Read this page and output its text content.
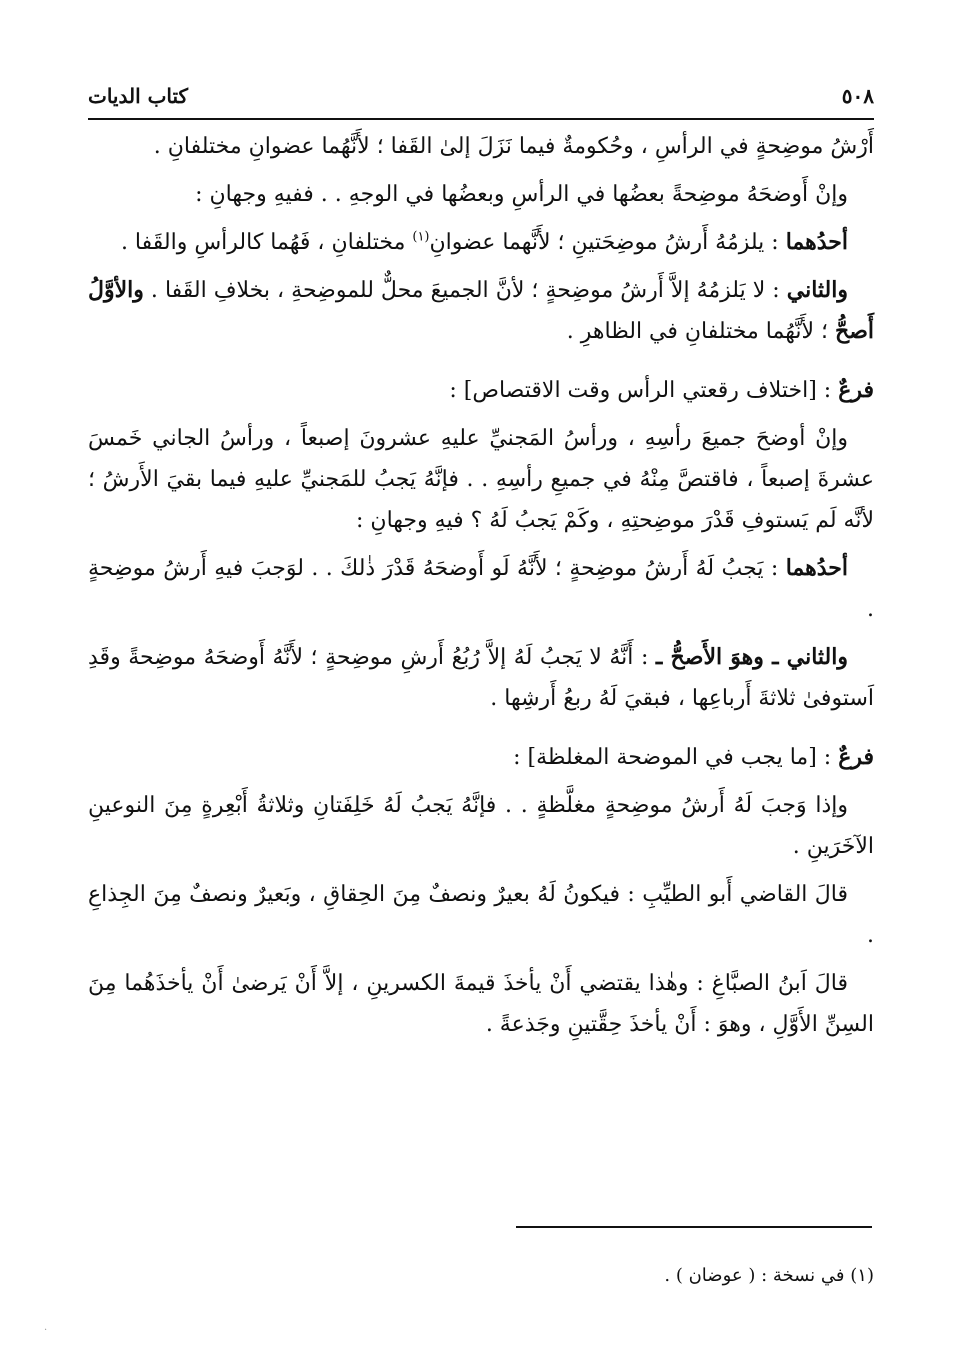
٥٠٨
كتاب الديات

أَرْشُ موضِحةٍ في الرأسِ ، وحُكومةٌ فيما نَزَلَ إلىٰ القَفا ؛ لأَنَّهُما عضوانِ مختلفانِ .

وإنْ أَوضحَهُ موضِحةً بعضُها في الرأسِ وبعضُها في الوجهِ . . ففيهِ وجهانِ :

أحدُهما : يلزمُهُ أَرشُ موضِحَتينِ ؛ لأَنَّهما عضوانِ$^{(١)}$ مختلفانِ ، فَهُما كالرأسِ والقَفا .

والثاني : لا يَلزمُهُ إلاَّ أَرشُ موضِحةٍ ؛ لأنَّ الجميعَ محلٌّ للموضِحةِ ، بخلافِ القَفا . والأوَّلُ أَصحُّ ؛ لأَنَّهُما مختلفانِ في الظاهرِ .

فرعٌ : [اختلاف رقعتي الرأس وقت الاقتصاص] :

وإنْ أوضحَ جميعَ رأسِهِ ، ورأسُ المَجنيِّ عليهِ عشرونَ إصبعاً ، ورأسُ الجاني خَمسَ عشرةَ إصبعاً ، فاقتصَّ مِنْهُ في جميعِ رأسِهِ . . فإنَّهُ يَجبُ للمَجنيِّ عليهِ فيما بقيَ الأَرشُ ؛ لأنَّه لَم يَستوفِ قَدْرَ موضِحتِهِ ، وكَمْ يَجبُ لَهُ ؟ فيهِ وجهانِ :

أحدُهما : يَجبُ لَهُ أَرشُ موضِحةٍ ؛ لأَنَّهُ لَو أَوضحَهُ قَدْرَ ذٰلكَ . . لوَجبَ فيهِ أَرشُ موضِحةٍ .

والثاني ـ وهوَ الأَصحُّ ـ : أَنَّهُ لا يَجبُ لَهُ إلاَّ رُبُعُ أَرشِ موضِحةٍ ؛ لأَنَّهُ أَوضحَهُ موضِحةً وقَدِ اَستوفىٰ ثلاثةَ أَرباعِها ، فبقيَ لَهُ ربعُ أَرشِها .

فرعٌ : [ما يجب في الموضحة المغلظة] :

وإذا وَجبَ لَهُ أَرشُ موضِحةٍ مغلَّظةٍ . . فإنَّهُ يَجبُ لَهُ خَلِفَتانِ وثلاثةُ أَبْعِرةٍ مِنَ النوعينِ الآخَرَينِ .

قالَ القاضي أَبو الطيِّبِ : فيكونُ لَهُ بعيرٌ ونصفٌ مِنَ الحِقاقِ ، وبَعيرٌ ونصفٌ مِنَ الجِذاعِ .

قالَ اَبنُ الصبَّاغِ : وهٰذا يقتضي أَنْ يأخذَ قيمةَ الكسرينِ ، إلاَّ أَنْ يَرضىٰ أَنْ يأخذَهُما مِنَ السِنِّ الأَوَّلِ ، وهوَ : أَنْ يأخذَ حِقَّتينِ وجَذعةً .

(١) في نسخة : ( عوضان ) .
.
